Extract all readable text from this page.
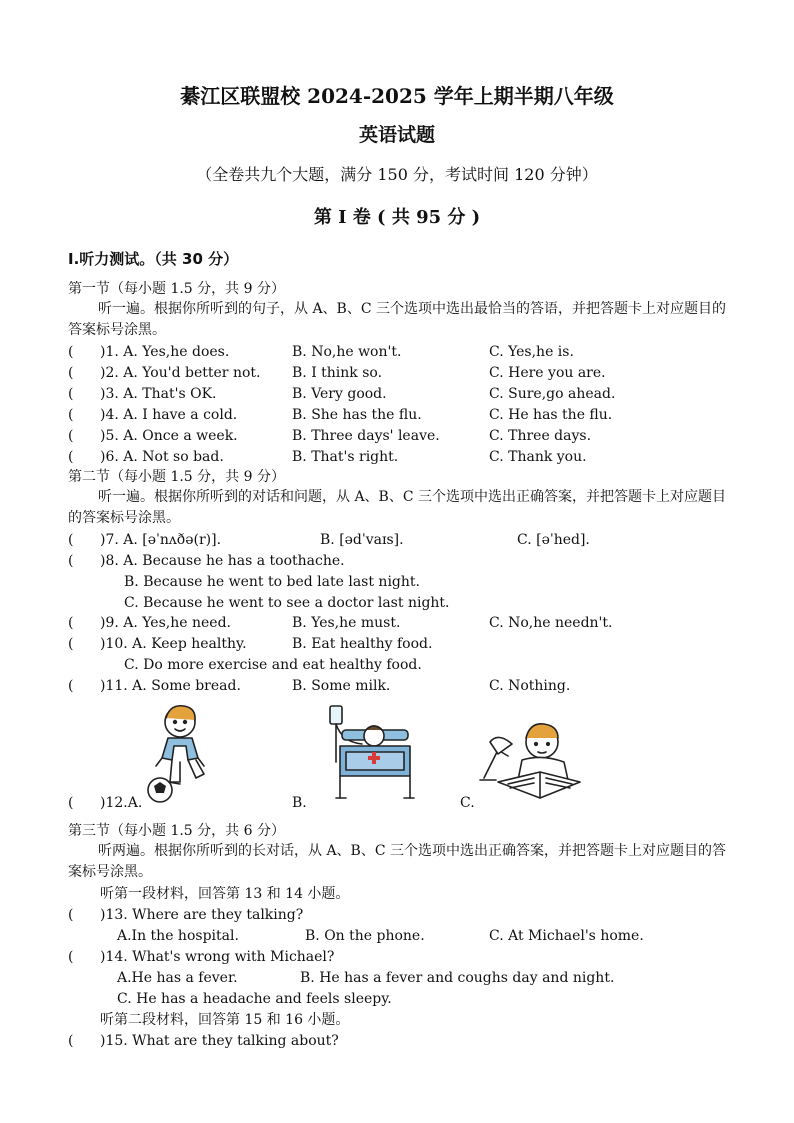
綦江区联盟校 2024-2025 学年上期半期八年级
英语试题
（全卷共九个大题，满分 150 分，考试时间 120 分钟）
第 I 卷 ( 共 95 分 )
Ⅰ.听力测试。（共 30 分）
第一节（每小题 1.5 分，共 9 分）
听一遍。根据你所听到的句子，从 A、B、C 三个选项中选出最恰当的答语，并把答题卡上对应题目的答案标号涂黑。
( )1. A. Yes,he does.	B. No,he won't.	C. Yes,he is.
( )2. A. You'd better not. B. I think so.	C. Here you are.
( )3. A. That's OK.	B. Very good.	C. Sure,go ahead.
( )4. A. I have a cold.	B. She has the flu.	C. He has the flu.
( )5. A. Once a week.	B. Three days' leave.	C. Three days.
( )6. A. Not so bad.	B. That's right.	C. Thank you.
第二节（每小题 1.5 分，共 9 分）
听一遍。根据你所听到的对话和问题，从 A、B、C 三个选项中选出正确答案，并把答题卡上对应题目的答案标号涂黑。
( )7. A. [əˈnʌðə(r)].	B. [ədˈvaɪs].	C. [əˈhed].
( )8. A. Because he has a toothache.
B. Because he went to bed late last night.
C. Because he went to see a doctor last night.
( )9. A. Yes,he need.	B. Yes,he must.	C. No,he needn't.
( )10. A. Keep healthy.	B. Eat healthy food.
C. Do more exercise and eat healthy food.
( )11. A. Some bread.	B. Some milk.	C. Nothing.
( )12.A.	B.	C.
第三节（每小题 1.5 分，共 6 分）
听两遍。根据你所听到的长对话，从 A、B、C 三个选项中选出正确答案，并把答题卡上对应题目的答案标号涂黑。
听第一段材料，回答第 13 和 14 小题。
( )13. Where are they talking?
A.In the hospital.	B. On the phone.	C. At Michael's home.
( )14. What's wrong with Michael?
A.He has a fever.	B. He has a fever and coughs day and night.
C. He has a headache and feels sleepy.
听第二段材料，回答第 15 和 16 小题。
( )15. What are they talking about?
